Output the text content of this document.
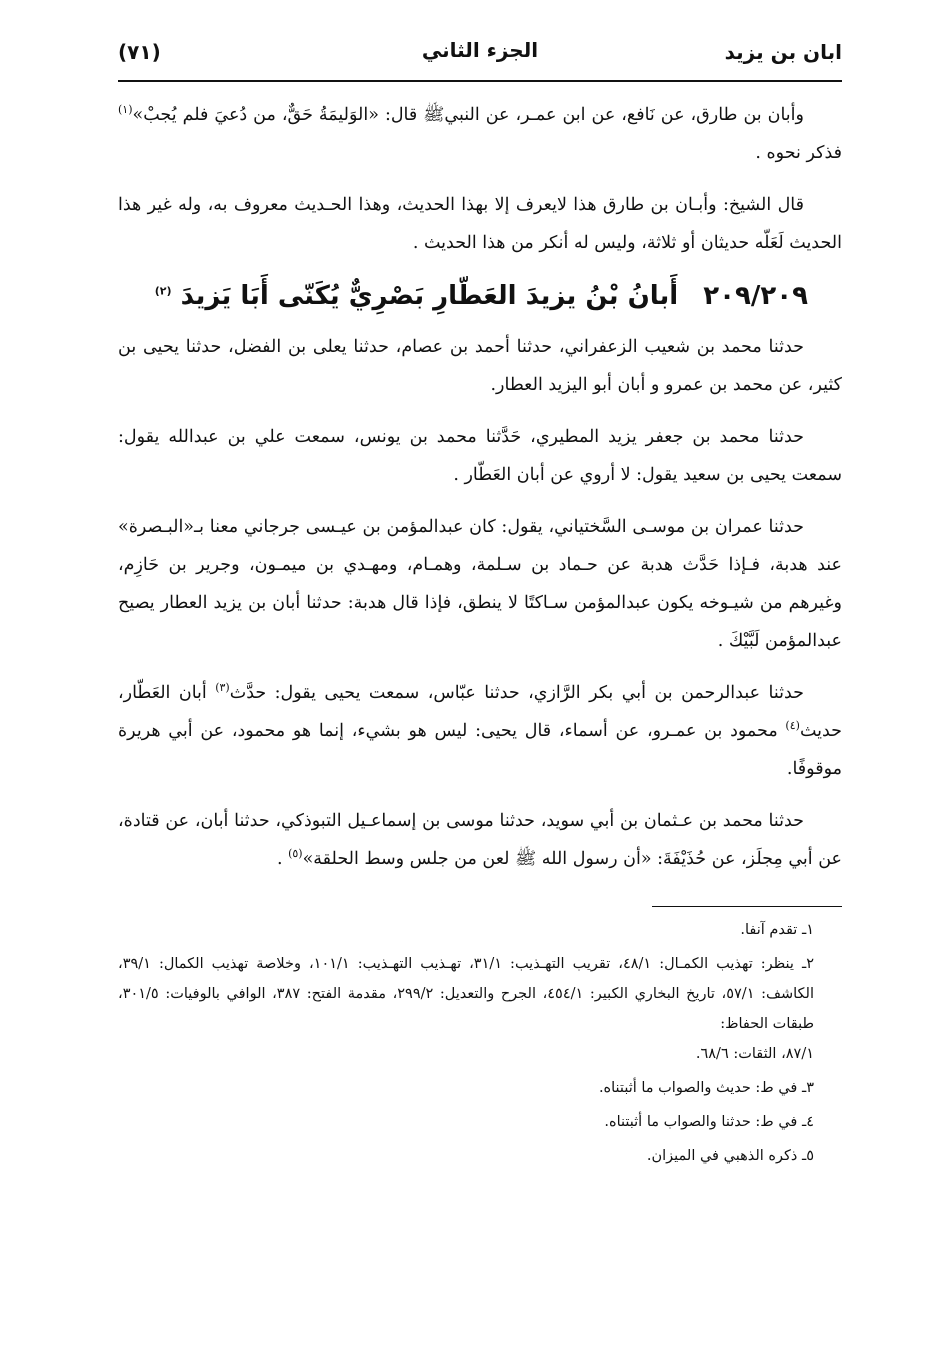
ابان بن يزيد
الجزء الثاني
(٧١)

وأبان بن طارق، عن نَافع، عن ابن عمـر، عن النبيﷺ قال: «الوَليمَةُ حَقٌّ، من دُعيَ فلم يُجبْ»$^{(١)}$ فذكر نحوه .

قال الشيخ: وأبـان بن طارق هذا لايعرف إلا بهذا الحديث، وهذا الحـديث معروف به، وله غير هذا الحديث لَعَلّه حديثان أو ثلاثة، وليس له أنكر من هذا الحديث .

٢٠٩/٢٠٩ أَبانُ بْنُ يزيدَ العَطّارِ بَصْرِيٌّ يُكَنّى أَبَا يَزيدَ $^{(٢)}$

حدثنا محمد بن شعيب الزعفراني، حدثنا أحمد بن عصام، حدثنا يعلى بن الفضل، حدثنا يحيى بن كثير، عن محمد بن عمرو و أبان أبو اليزيد العطار.

حدثنا محمد بن جعفر يزيد المطيري، حَدَّثنا محمد بن يونس، سمعت علي بن عبدالله يقول: سمعت يحيى بن سعيد يقول: لا أروي عن أبان العَطّار .

حدثنا عمران بن موسـى السَّختياني، يقول: كان عبدالمؤمن بن عيـسى جرجاني معنا بـ«البـصرة» عند هدبة، فـإذا حَدَّث هدبة عن حـماد بن سـلمة، وهمـام، ومهـدي بن ميمـون، وجرير بن حَازِم، وغيرهم من شيـوخه يكون عبدالمؤمن سـاكتًا لا ينطق، فإذا قال هدبة: حدثنا أبان بن يزيد العطار يصيح عبدالمؤمن لَبَّيْكَ .

حدثنا عبدالرحمن بن أبي بكر الرَّازي، حدثنا عبّاس، سمعت يحيى يقول: حدَّث$^{(٣)}$ أبان العَطّار، حديث$^{(٤)}$ محمود بن عمـرو، عن أسماء، قال يحيى: ليس هو بشيء، إنما هو محمود، عن أبي هريرة موقوفًا.

حدثنا محمد بن عـثمان بن أبي سويد، حدثنا موسى بن إسماعـيل التبوذكي، حدثنا أبان، عن قتادة، عن أبي مِجلَز، عن حُذَيْفَةَ: «أن رسول الله ﷺ لعن من جلس وسط الحلقة»$^{(٥)}$ .

١ـ تقدم آنفا.
٢ـ ينظر: تهذيب الكمـال: ٤٨/١، تقريب التهـذيب: ٣١/١، تهـذيب التهـذيب: ١٠١/١، وخلاصة تهذيب الكمال: ٣٩/١، الكاشف: ٥٧/١، تاريخ البخاري الكبير: ٤٥٤/١، الجرح والتعديل: ٢٩٩/٢، مقدمة الفتح: ٣٨٧، الوافي بالوفيات: ٣٠١/٥، طبقات الحفاظ:
٨٧/١، الثقات: ٦٨/٦.
٣ـ في ط: حديث والصواب ما أثبتناه.
٤ـ في ط: حدثنا والصواب ما أثبتناه.
٥ـ ذكره الذهبي في الميزان.
